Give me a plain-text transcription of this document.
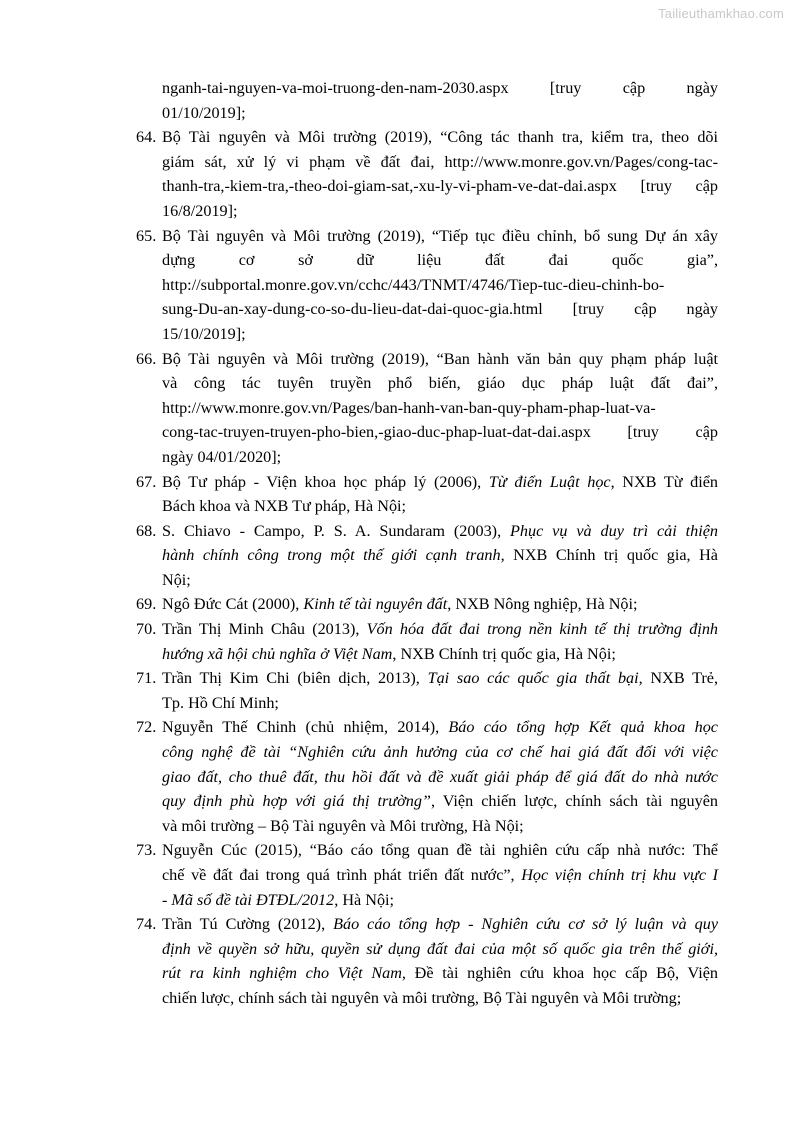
Tailieuthamkhao.com
nganh-tai-nguyen-va-moi-truong-den-nam-2030.aspx [truy cập ngày
01/10/2019];
64. Bộ Tài nguyên và Môi trường (2019), “Công tác thanh tra, kiểm tra, theo dõi
giám sát, xử lý vi phạm về đất đai, http://www.monre.gov.vn/Pages/cong-tac-
thanh-tra,-kiem-tra,-theo-doi-giam-sat,-xu-ly-vi-pham-ve-dat-dai.aspx [truy cập
16/8/2019];
65. Bộ Tài nguyên và Môi trường (2019), “Tiếp tục điều chỉnh, bổ sung Dự án xây
dựng cơ sở dữ liệu đất đai quốc gia”,
http://subportal.monre.gov.vn/cchc/443/TNMT/4746/Tiep-tuc-dieu-chinh-bo-
sung-Du-an-xay-dung-co-so-du-lieu-dat-dai-quoc-gia.html [truy cập ngày
15/10/2019];
66. Bộ Tài nguyên và Môi trường (2019), “Ban hành văn bản quy phạm pháp luật
và công tác tuyên truyền phổ biến, giáo dục pháp luật đất đai”,
http://www.monre.gov.vn/Pages/ban-hanh-van-ban-quy-pham-phap-luat-va-
cong-tac-truyen-truyen-pho-bien,-giao-duc-phap-luat-dat-dai.aspx [truy cập
ngày 04/01/2020];
67. Bộ Tư pháp - Viện khoa học pháp lý (2006), Từ điển Luật học, NXB Từ điển
Bách khoa và NXB Tư pháp, Hà Nội;
68. S. Chiavo - Campo, P. S. A. Sundaram (2003), Phục vụ và duy trì cải thiện
hành chính công trong một thế giới cạnh tranh, NXB Chính trị quốc gia, Hà
Nội;
69. Ngô Đức Cát (2000), Kinh tế tài nguyên đất, NXB Nông nghiệp, Hà Nội;
70. Trần Thị Minh Châu (2013), Vốn hóa đất đai trong nền kinh tế thị trường định
hướng xã hội chủ nghĩa ở Việt Nam, NXB Chính trị quốc gia, Hà Nội;
71. Trần Thị Kim Chi (biên dịch, 2013), Tại sao các quốc gia thất bại, NXB Trẻ,
Tp. Hồ Chí Minh;
72. Nguyễn Thế Chinh (chủ nhiệm, 2014), Báo cáo tổng hợp Kết quả khoa học
công nghệ đề tài “Nghiên cứu ảnh hưởng của cơ chế hai giá đất đối với việc
giao đất, cho thuê đất, thu hồi đất và đề xuất giải pháp để giá đất do nhà nước
quy định phù hợp với giá thị trường”, Viện chiến lược, chính sách tài nguyên
và môi trường – Bộ Tài nguyên và Môi trường, Hà Nội;
73. Nguyễn Cúc (2015), “Báo cáo tổng quan đề tài nghiên cứu cấp nhà nước: Thể
chế về đất đai trong quá trình phát triển đất nước”, Học viện chính trị khu vực I
- Mã số đề tài ĐTĐL/2012, Hà Nội;
74. Trần Tú Cường (2012), Báo cáo tổng hợp - Nghiên cứu cơ sở lý luận và quy
định về quyền sở hữu, quyền sử dụng đất đai của một số quốc gia trên thế giới,
rút ra kinh nghiệm cho Việt Nam, Đề tài nghiên cứu khoa học cấp Bộ, Viện
chiến lược, chính sách tài nguyên và môi trường, Bộ Tài nguyên và Môi trường;
